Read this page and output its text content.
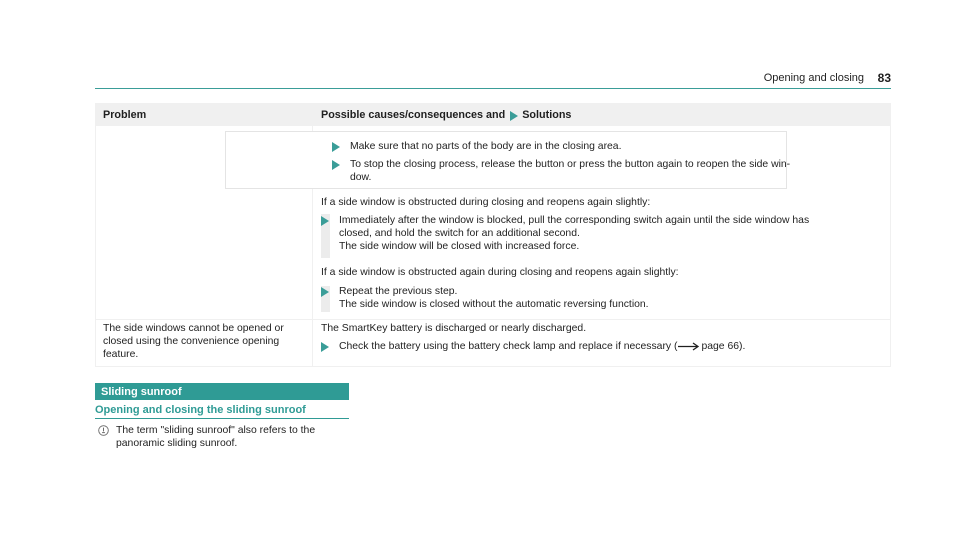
Opening and closing 83
Problem	Possible causes/consequences and Solutions
Make sure that no parts of the body are in the closing area.
To stop the closing process, release the button or press the button again to reopen the side win-
dow.
If a side window is obstructed during closing and reopens again slightly:
Immediately after the window is blocked, pull the corresponding switch again until the side window has
closed, and hold the switch for an additional second.
The side window will be closed with increased force.
If a side window is obstructed again during closing and reopens again slightly:
Repeat the previous step.
The side window is closed without the automatic reversing function.
The side windows cannot be opened or
closed using the convenience opening
feature.
The SmartKey battery is discharged or nearly discharged.
Check the battery using the battery check lamp and replace if necessary ( page 66).
Sliding sunroof
Opening and closing the sliding sunroof
The term "sliding sunroof" also refers to the
panoramic sliding sunroof.
